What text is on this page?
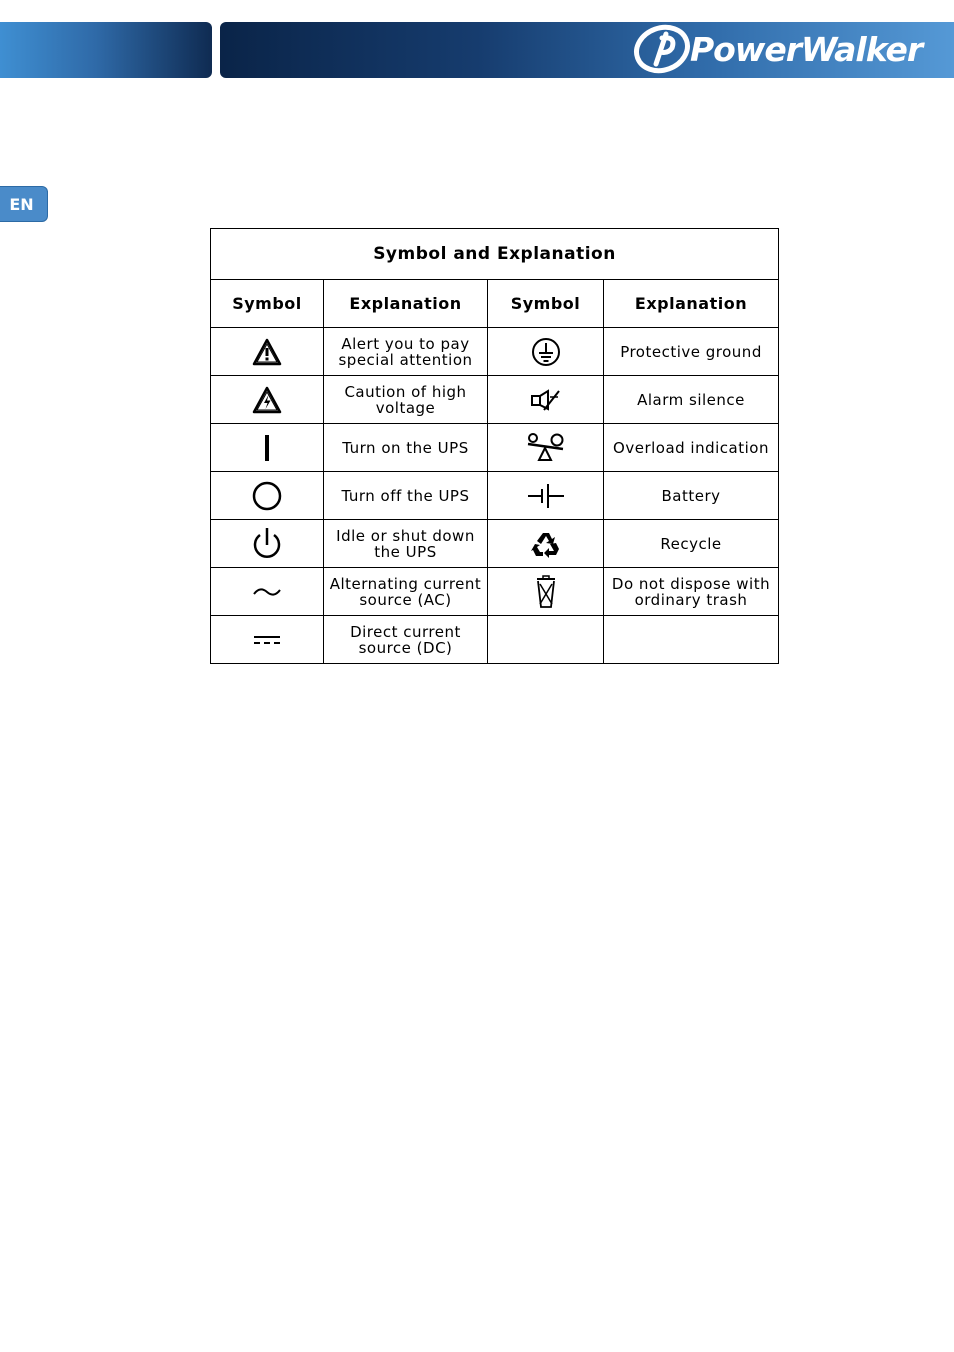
PowerWalker
EN
Symbol and Explanation			
Symbol	Explanation	Symbol	Explanation

	Alert you to pay special attention		Protective ground

	Caution of high voltage		Alarm silence

	Turn on the UPS		Overload indication

	Turn off the UPS		Battery

	Idle or shut down the UPS		Recycle

	Alternating current source (AC)		Do not dispose with ordinary trash

	Direct current source (DC)		
